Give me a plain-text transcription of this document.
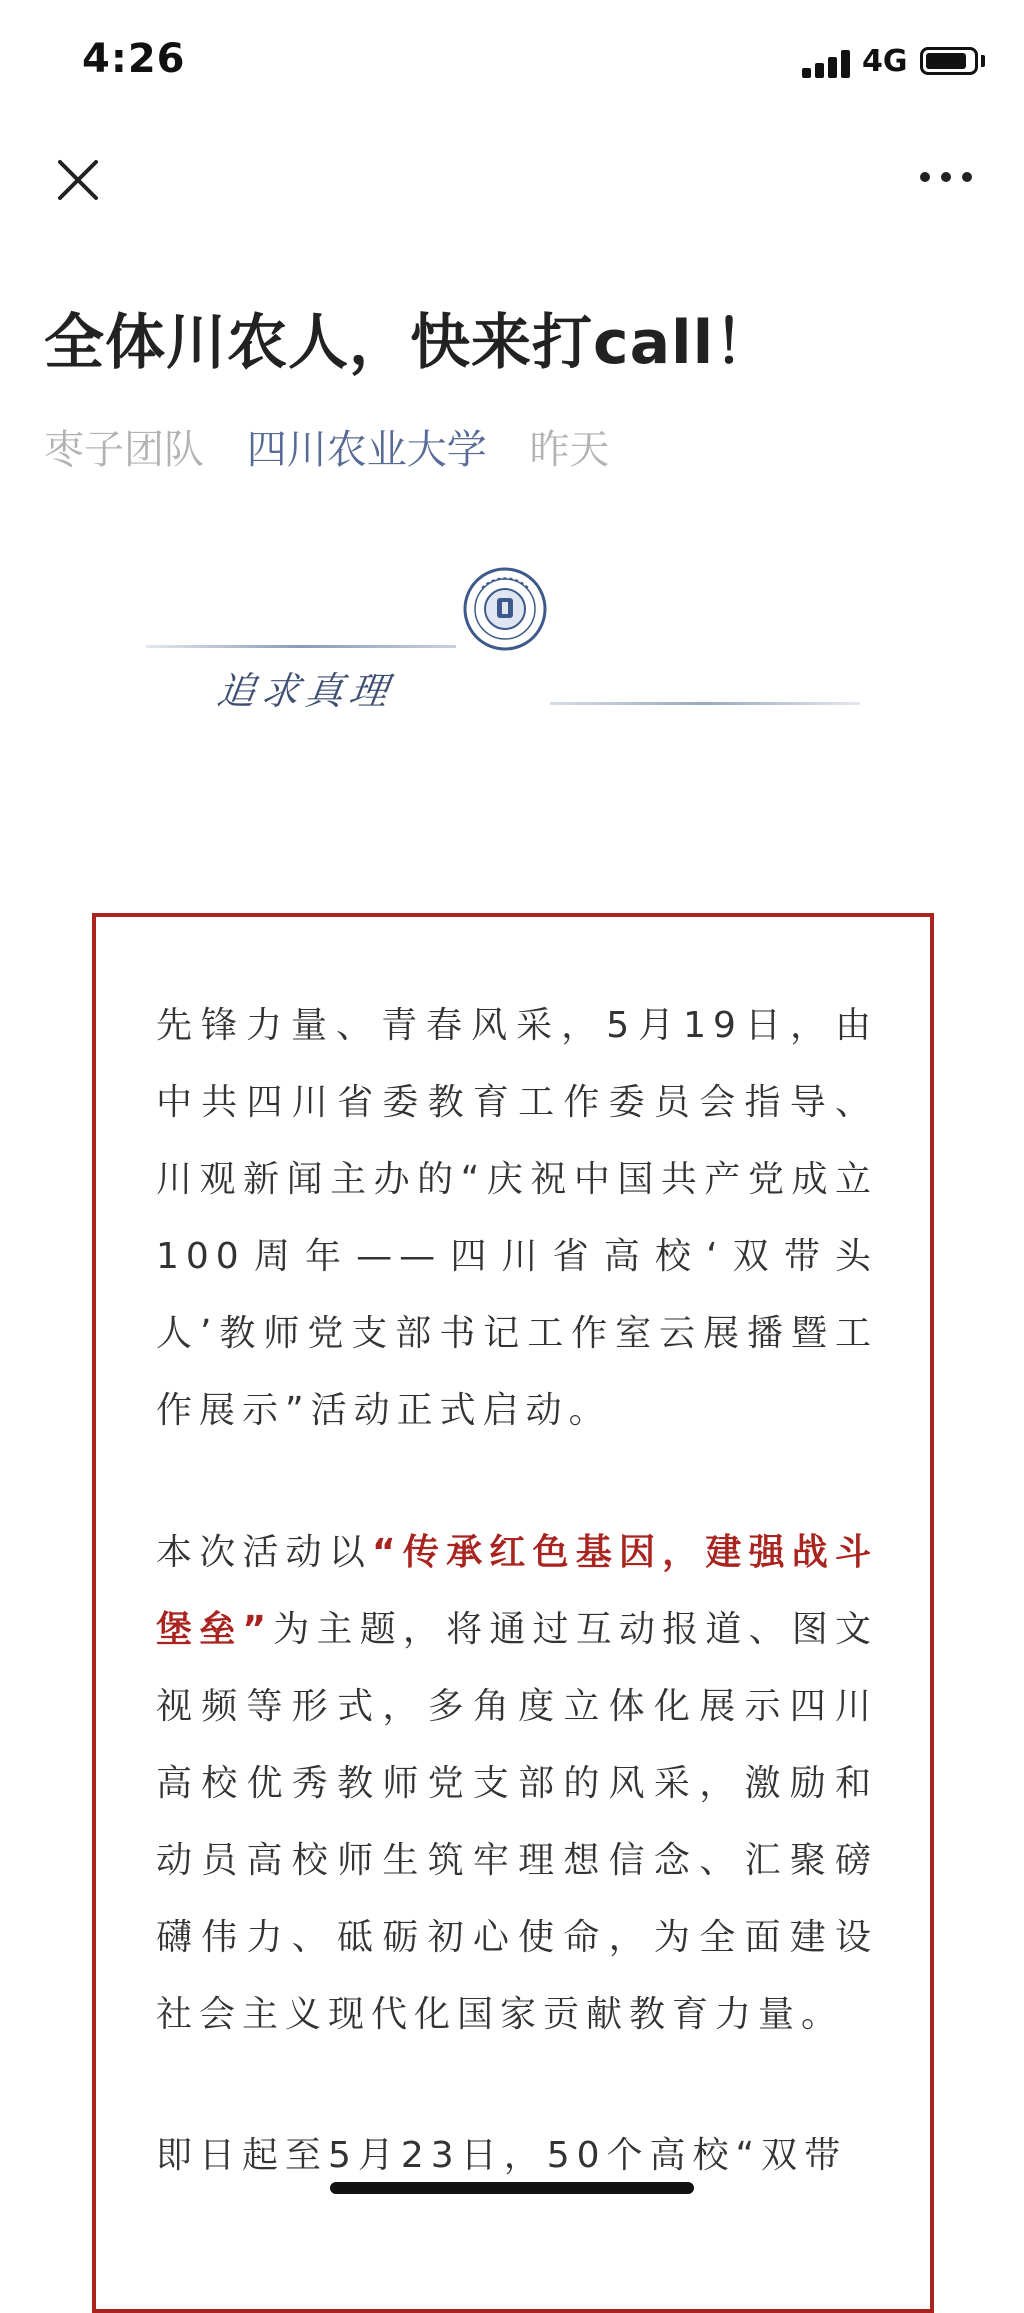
4:26	4G
全体川农人，快来打call！
枣子团队 四川农业大学 昨天
追求真理

先锋力量、青春风采，5月19日，由中共四川省委教育工作委员会指导、川观新闻主办的“庆祝中国共产党成立100周年——四川省高校‘双带头人’教师党支部书记工作室云展播暨工作展示”活动正式启动。

本次活动以“传承红色基因，建强战斗堡垒”为主题，将通过互动报道、图文视频等形式，多角度立体化展示四川高校优秀教师党支部的风采，激励和动员高校师生筑牢理想信念、汇聚磅礴伟力、砥砺初心使命，为全面建设社会主义现代化国家贡献教育力量。

即日起至5月23日，50个高校“双带
